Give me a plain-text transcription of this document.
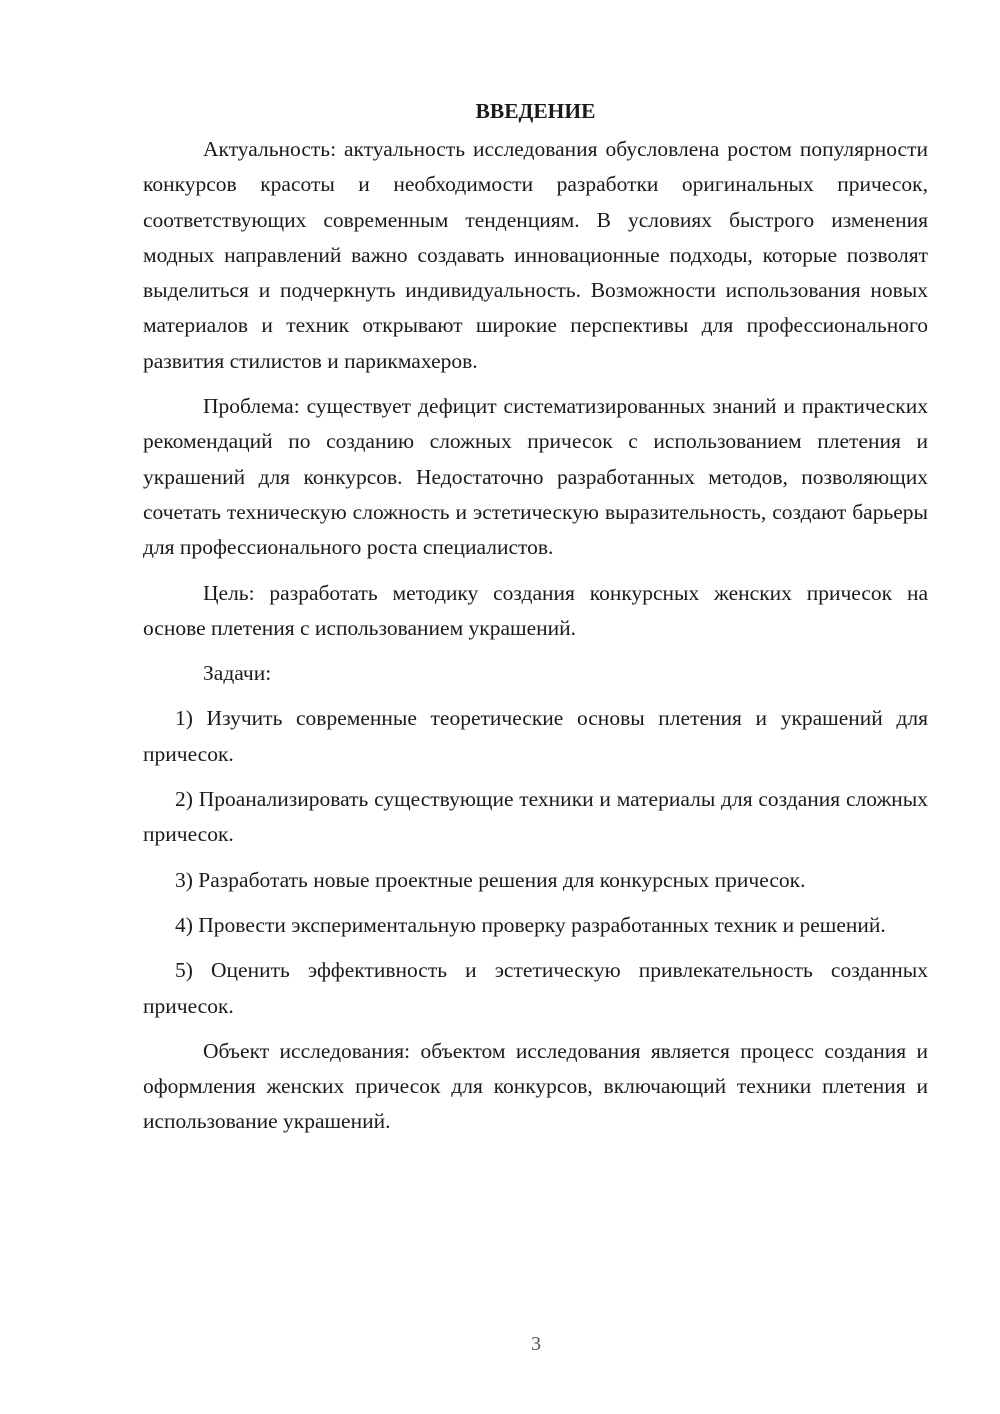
ВВЕДЕНИЕ

Актуальность: актуальность исследования обусловлена ростом популярности конкурсов красоты и необходимости разработки оригинальных причесок, соответствующих современным тенденциям. В условиях быстрого изменения модных направлений важно создавать инновационные подходы, которые позволят выделиться и подчеркнуть индивидуальность. Возможности использования новых материалов и техник открывают широкие перспективы для профессионального развития стилистов и парикмахеров.

Проблема: существует дефицит систематизированных знаний и практических рекомендаций по созданию сложных причесок с использованием плетения и украшений для конкурсов. Недостаточно разработанных методов, позволяющих сочетать техническую сложность и эстетическую выразительность, создают барьеры для профессионального роста специалистов.

Цель: разработать методику создания конкурсных женских причесок на основе плетения с использованием украшений.

Задачи:

1) Изучить современные теоретические основы плетения и украшений для причесок.

2) Проанализировать существующие техники и материалы для создания сложных причесок.

3) Разработать новые проектные решения для конкурсных причесок.

4) Провести экспериментальную проверку разработанных техник и решений.

5) Оценить эффективность и эстетическую привлекательность созданных причесок.

Объект исследования: объектом исследования является процесс создания и оформления женских причесок для конкурсов, включающий техники плетения и использование украшений.

3
